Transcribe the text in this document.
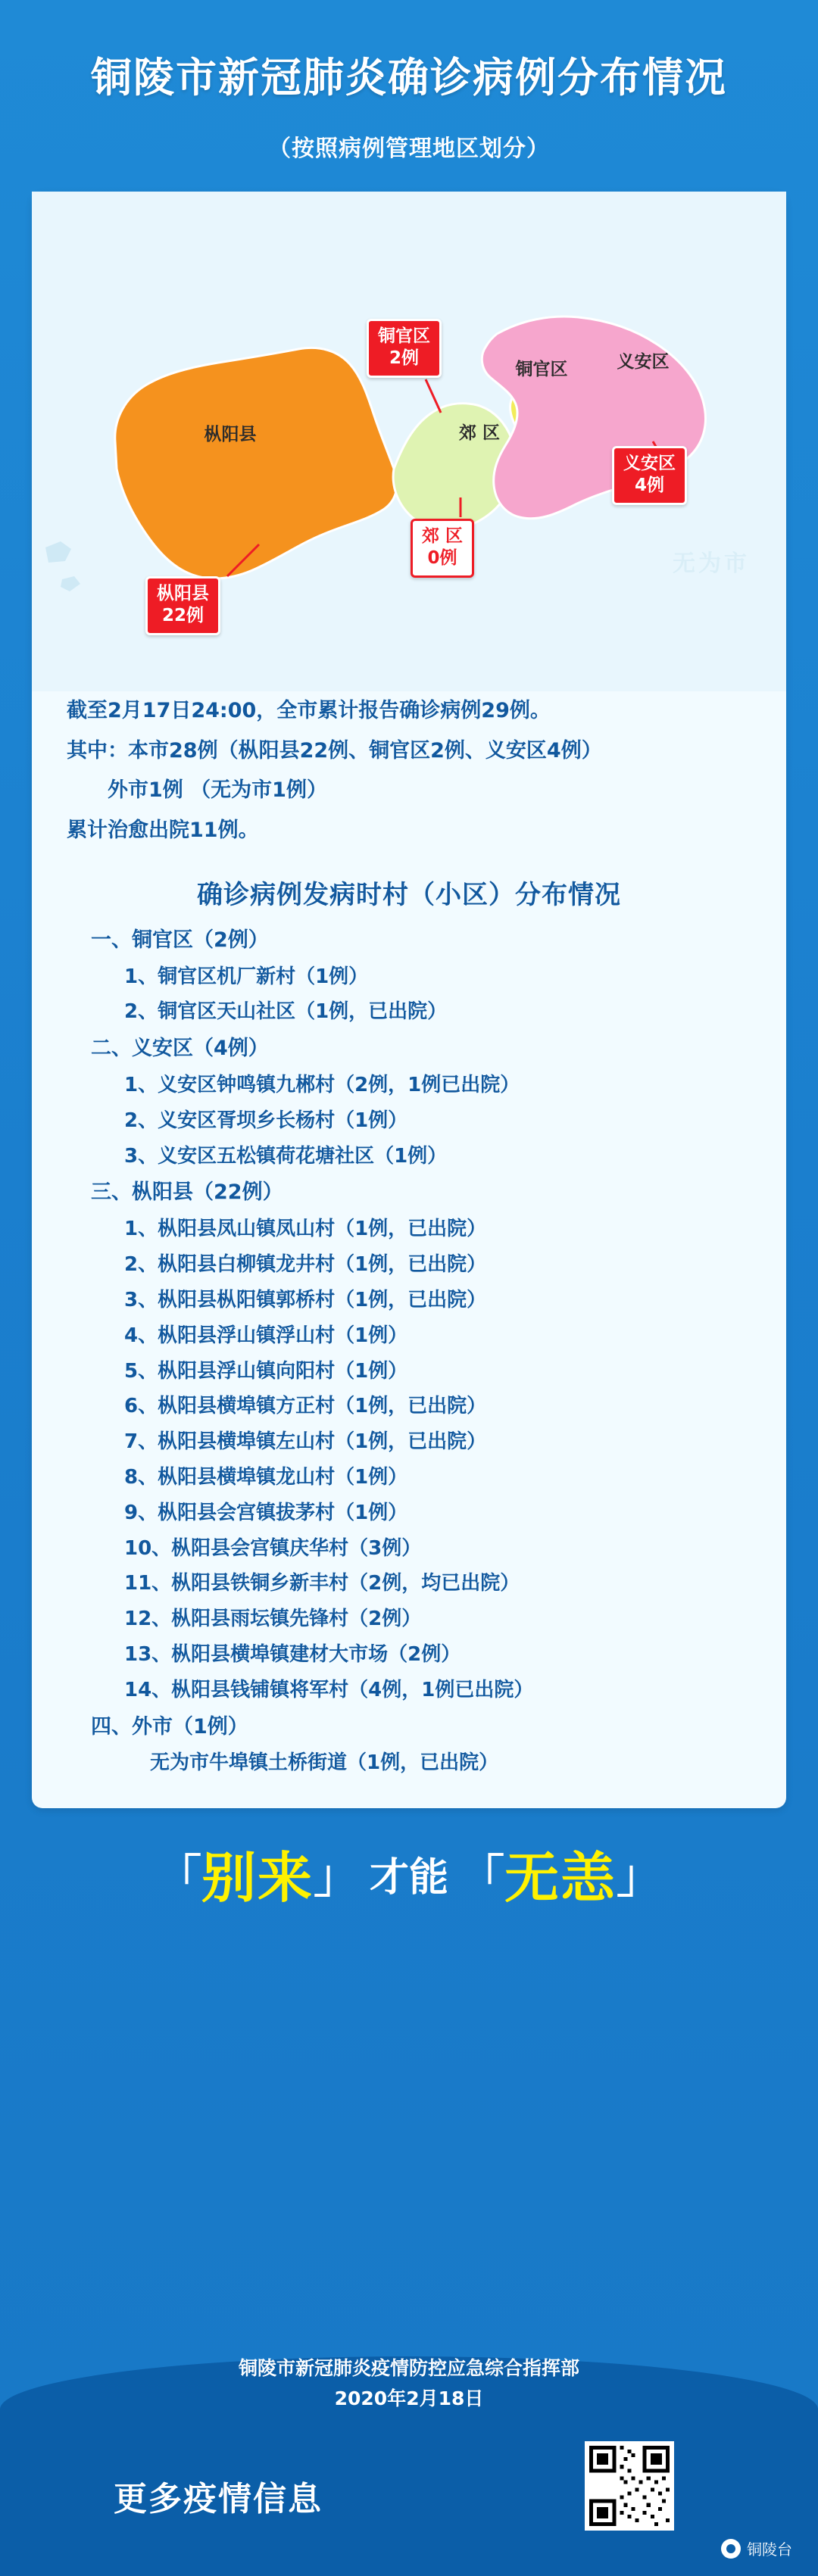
铜陵市新冠肺炎确诊病例分布情况
（按照病例管理地区划分）
无为市
枞阳县
铜官区	义安区
郊 区
铜官区
2例
义安区
4例
郊 区
0例
枞阳县
22例

截至2月17日24:00，全市累计报告确诊病例29例。

其中：本市28例（枞阳县22例、铜官区2例、义安区4例）

外市1例 （无为市1例）

累计治愈出院11例。

确诊病例发病时村（小区）分布情况
一、铜官区（2例）
1、铜官区机厂新村（1例）
2、铜官区天山社区（1例，已出院）
二、义安区（4例）
1、义安区钟鸣镇九郴村（2例，1例已出院）
2、义安区胥坝乡长杨村（1例）
3、义安区五松镇荷花塘社区（1例）
三、枞阳县（22例）
1、枞阳县凤山镇凤山村（1例，已出院）
2、枞阳县白柳镇龙井村（1例，已出院）
3、枞阳县枞阳镇郭桥村（1例，已出院）
4、枞阳县浮山镇浮山村（1例）
5、枞阳县浮山镇向阳村（1例）
6、枞阳县横埠镇方正村（1例，已出院）
7、枞阳县横埠镇左山村（1例，已出院）
8、枞阳县横埠镇龙山村（1例）
9、枞阳县会宫镇拔茅村（1例）
10、枞阳县会宫镇庆华村（3例）
11、枞阳县铁铜乡新丰村（2例，均已出院）
12、枞阳县雨坛镇先锋村（2例）
13、枞阳县横埠镇建材大市场（2例）
14、枞阳县钱铺镇将军村（4例，1例已出院）
四、外市（1例）
无为市牛埠镇土桥街道（1例，已出院）
「别来」 才能 「无恙」
铜陵市新冠肺炎疫情防控应急综合指挥部
2020年2月18日
更多疫情信息
铜陵台
